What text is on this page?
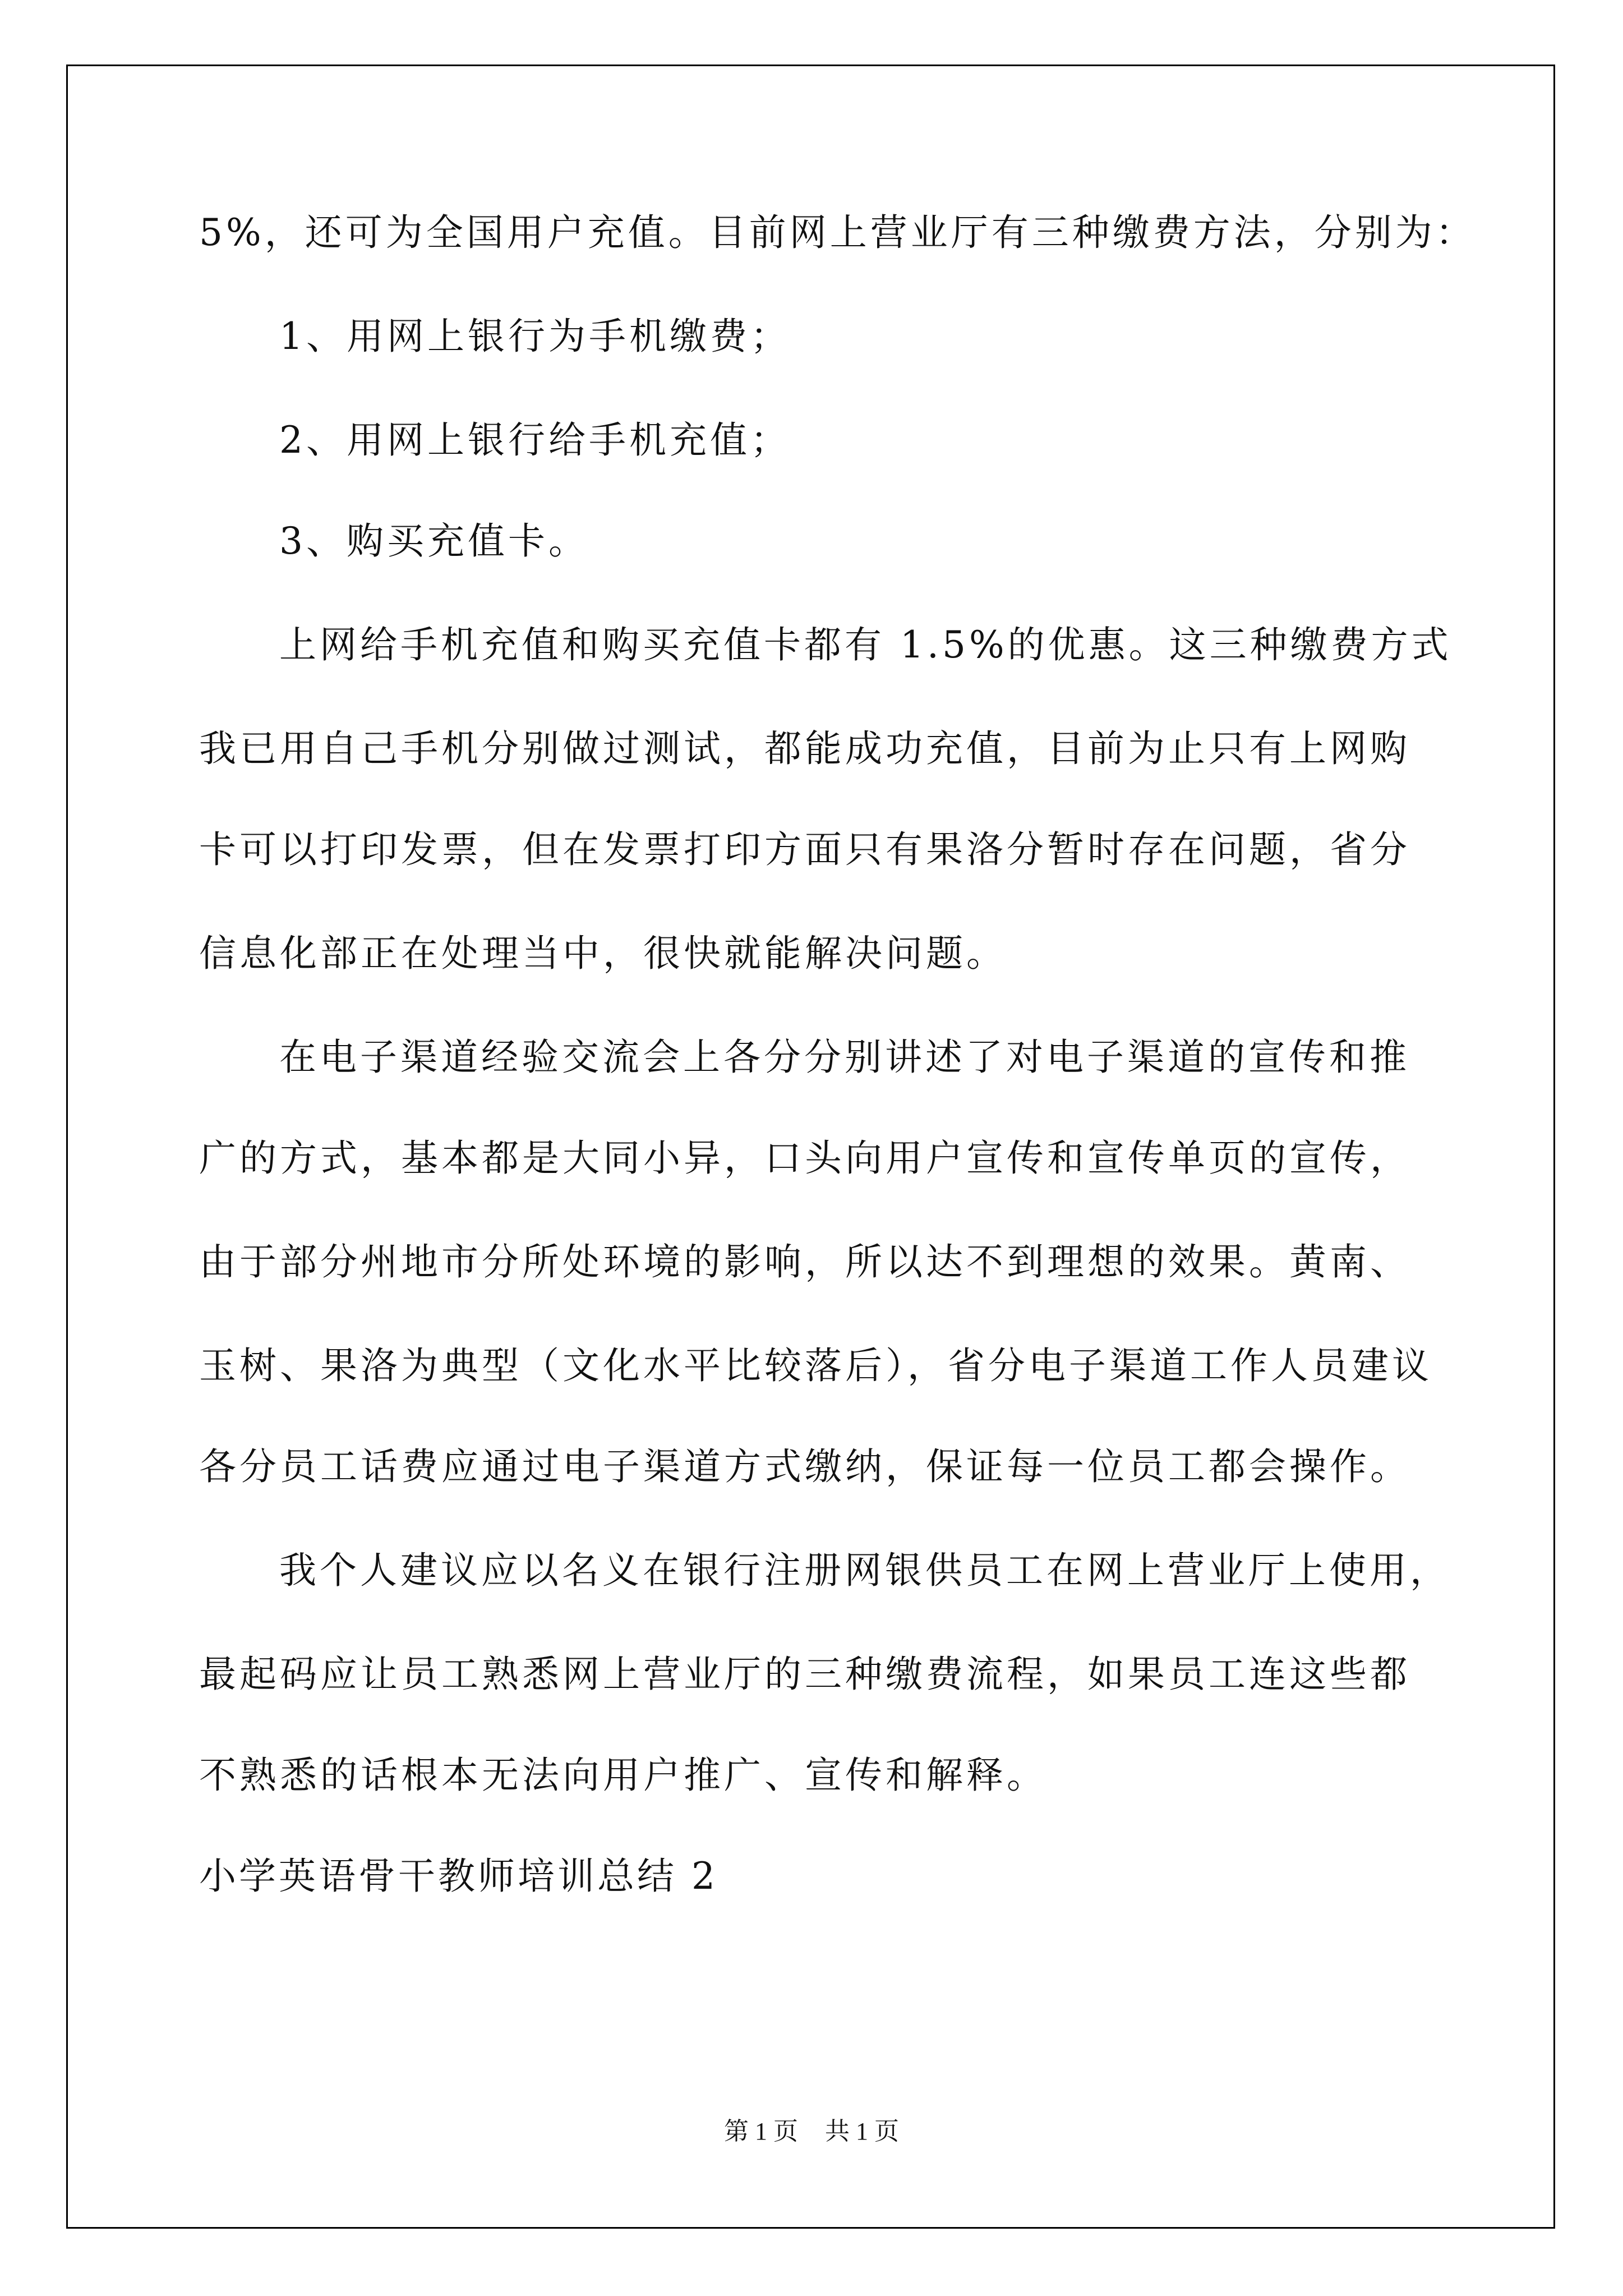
5%，还可为全国用户充值。目前网上营业厅有三种缴费方法，分别为：

1、用网上银行为手机缴费；

2、用网上银行给手机充值；

3、购买充值卡。

上网给手机充值和购买充值卡都有 1.5%的优惠。这三种缴费方式

我已用自己手机分别做过测试，都能成功充值，目前为止只有上网购

卡可以打印发票，但在发票打印方面只有果洛分暂时存在问题，省分

信息化部正在处理当中，很快就能解决问题。

在电子渠道经验交流会上各分分别讲述了对电子渠道的宣传和推

广的方式，基本都是大同小异，口头向用户宣传和宣传单页的宣传，

由于部分州地市分所处环境的影响，所以达不到理想的效果。黄南、

玉树、果洛为典型（文化水平比较落后），省分电子渠道工作人员建议

各分员工话费应通过电子渠道方式缴纳，保证每一位员工都会操作。

我个人建议应以名义在银行注册网银供员工在网上营业厅上使用，

最起码应让员工熟悉网上营业厅的三种缴费流程，如果员工连这些都

不熟悉的话根本无法向用户推广、宣传和解释。

小学英语骨干教师培训总结 2

第 1 页 共 1 页
